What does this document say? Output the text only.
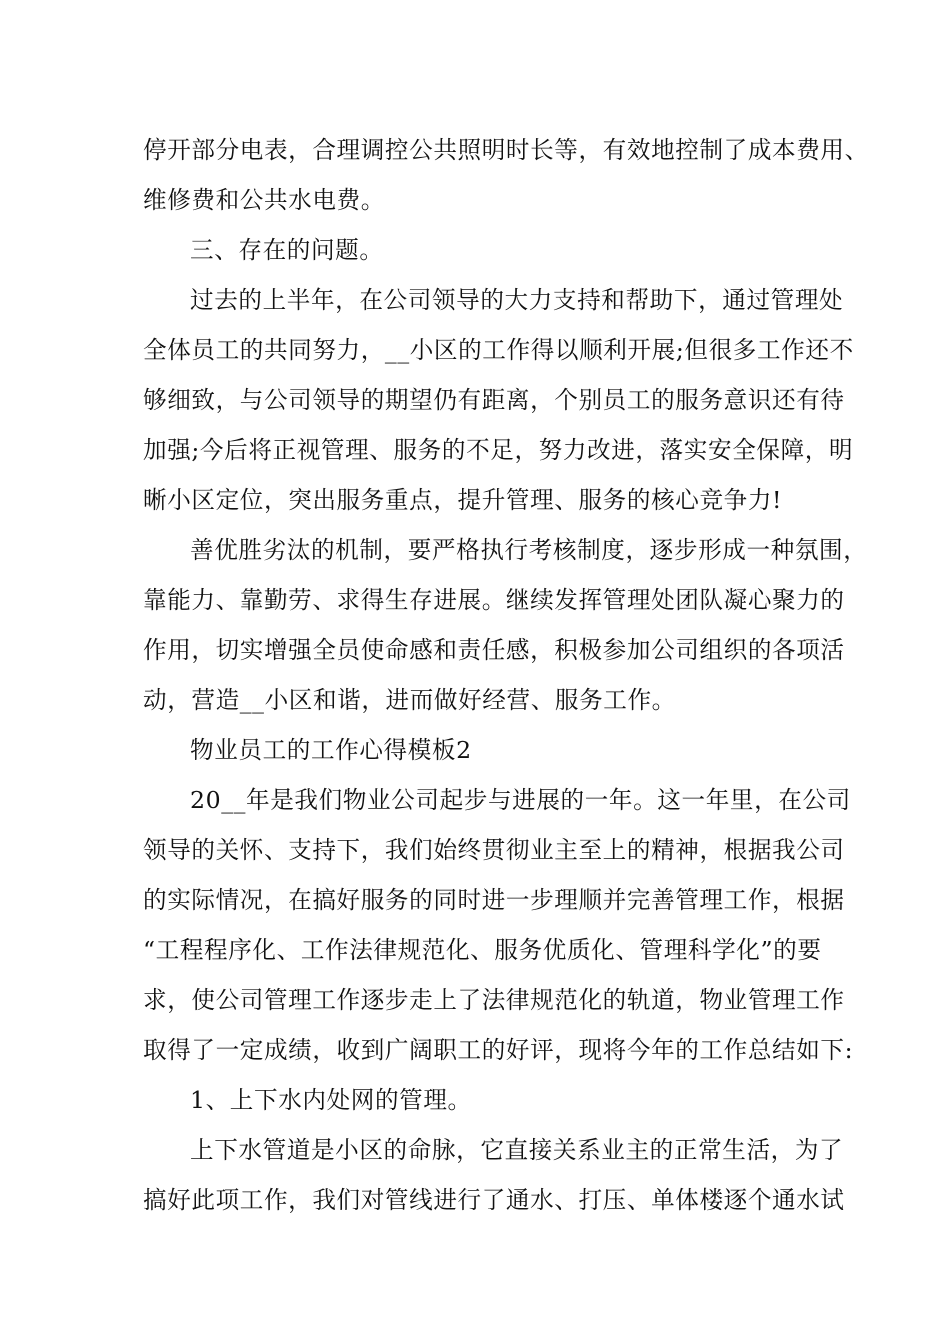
停开部分电表，合理调控公共照明时长等，有效地控制了成本费用、
维修费和公共水电费。
三、存在的问题。
过去的上半年，在公司领导的大力支持和帮助下，通过管理处
全体员工的共同努力，__小区的工作得以顺利开展;但很多工作还不
够细致，与公司领导的期望仍有距离，个别员工的服务意识还有待
加强;今后将正视管理、服务的不足，努力改进，落实安全保障，明
晰小区定位，突出服务重点，提升管理、服务的核心竞争力!
善优胜劣汰的机制，要严格执行考核制度，逐步形成一种氛围，
靠能力、靠勤劳、求得生存进展。继续发挥管理处团队凝心聚力的
作用，切实增强全员使命感和责任感，积极参加公司组织的各项活
动，营造__小区和谐，进而做好经营、服务工作。
物业员工的工作心得模板2
20__年是我们物业公司起步与进展的一年。这一年里，在公司
领导的关怀、支持下，我们始终贯彻业主至上的精神，根据我公司
的实际情况，在搞好服务的同时进一步理顺并完善管理工作，根据
“工程程序化、工作法律规范化、服务优质化、管理科学化”的要
求，使公司管理工作逐步走上了法律规范化的轨道，物业管理工作
取得了一定成绩，收到广阔职工的好评，现将今年的工作总结如下:
1、上下水内处网的管理。
上下水管道是小区的命脉，它直接关系业主的正常生活，为了
搞好此项工作，我们对管线进行了通水、打压、单体楼逐个通水试
